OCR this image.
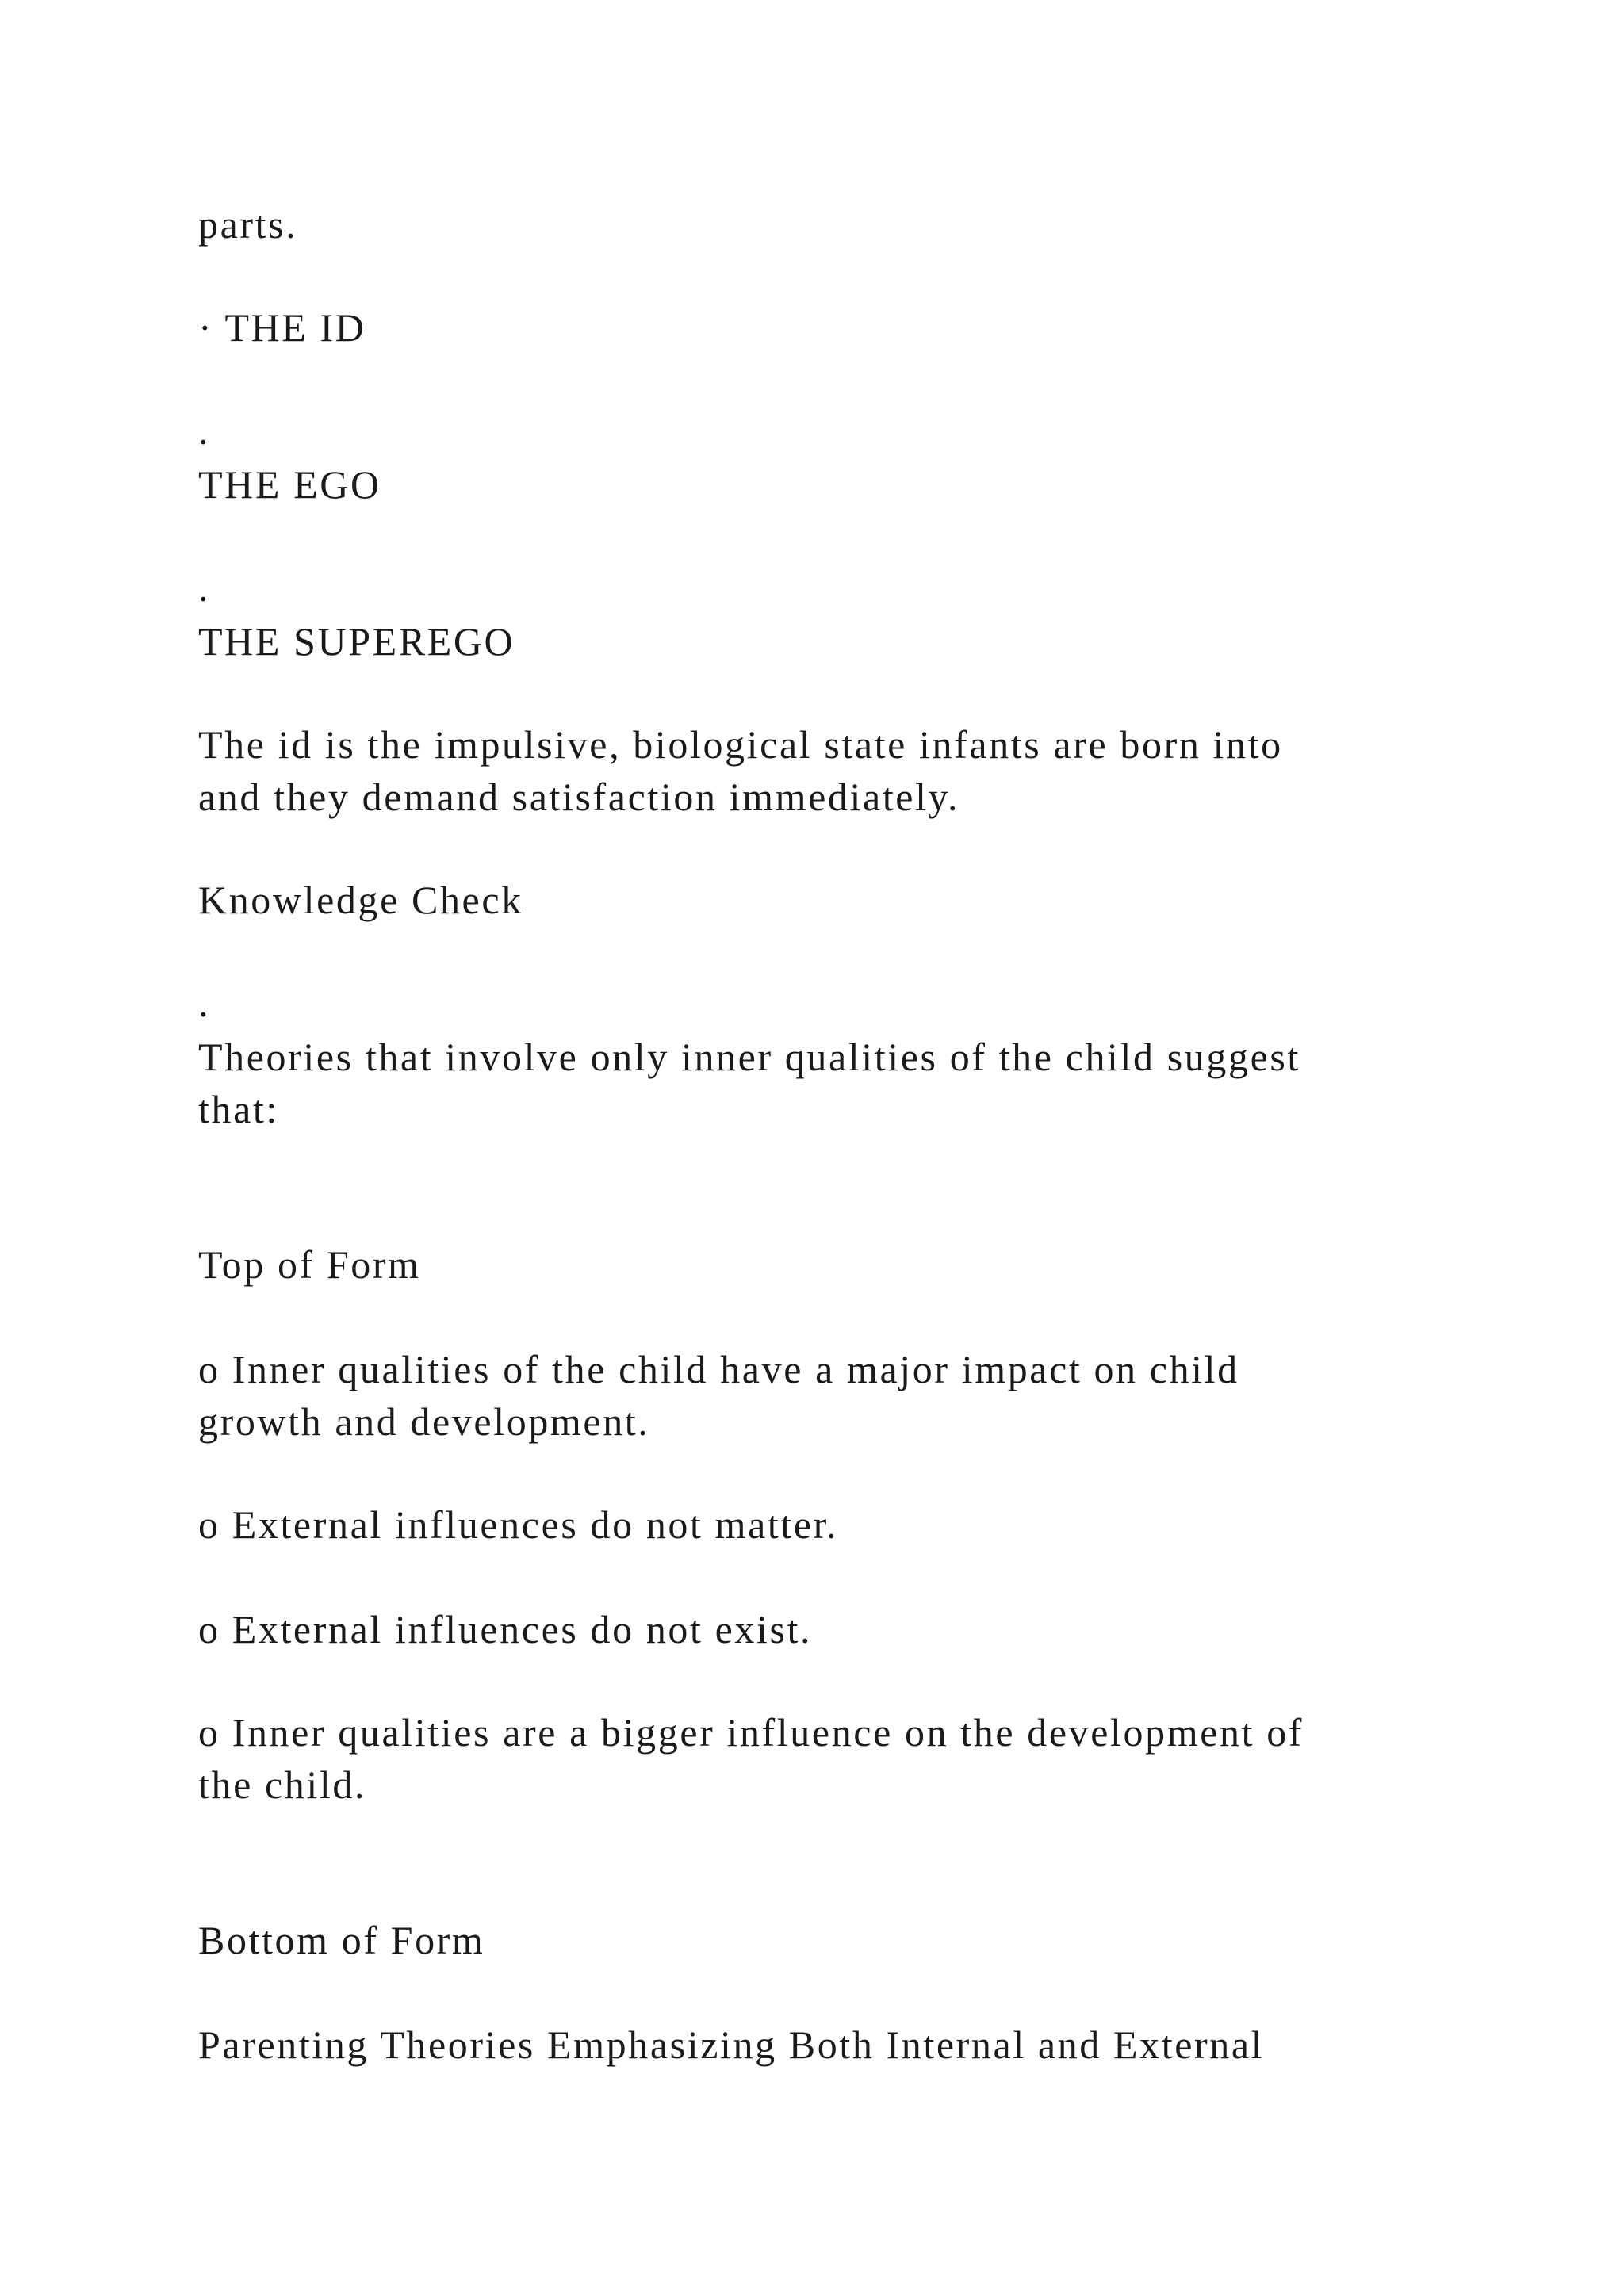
parts.
· THE ID
.
THE EGO
.
THE SUPEREGO
The id is the impulsive, biological state infants are born into
and they demand satisfaction immediately.
Knowledge Check
.
Theories that involve only inner qualities of the child suggest
that:
Top of Form
o Inner qualities of the child have a major impact on child
growth and development.
o External influences do not matter.
o External influences do not exist.
o Inner qualities are a bigger influence on the development of
the child.
Bottom of Form
Parenting Theories Emphasizing Both Internal and External
